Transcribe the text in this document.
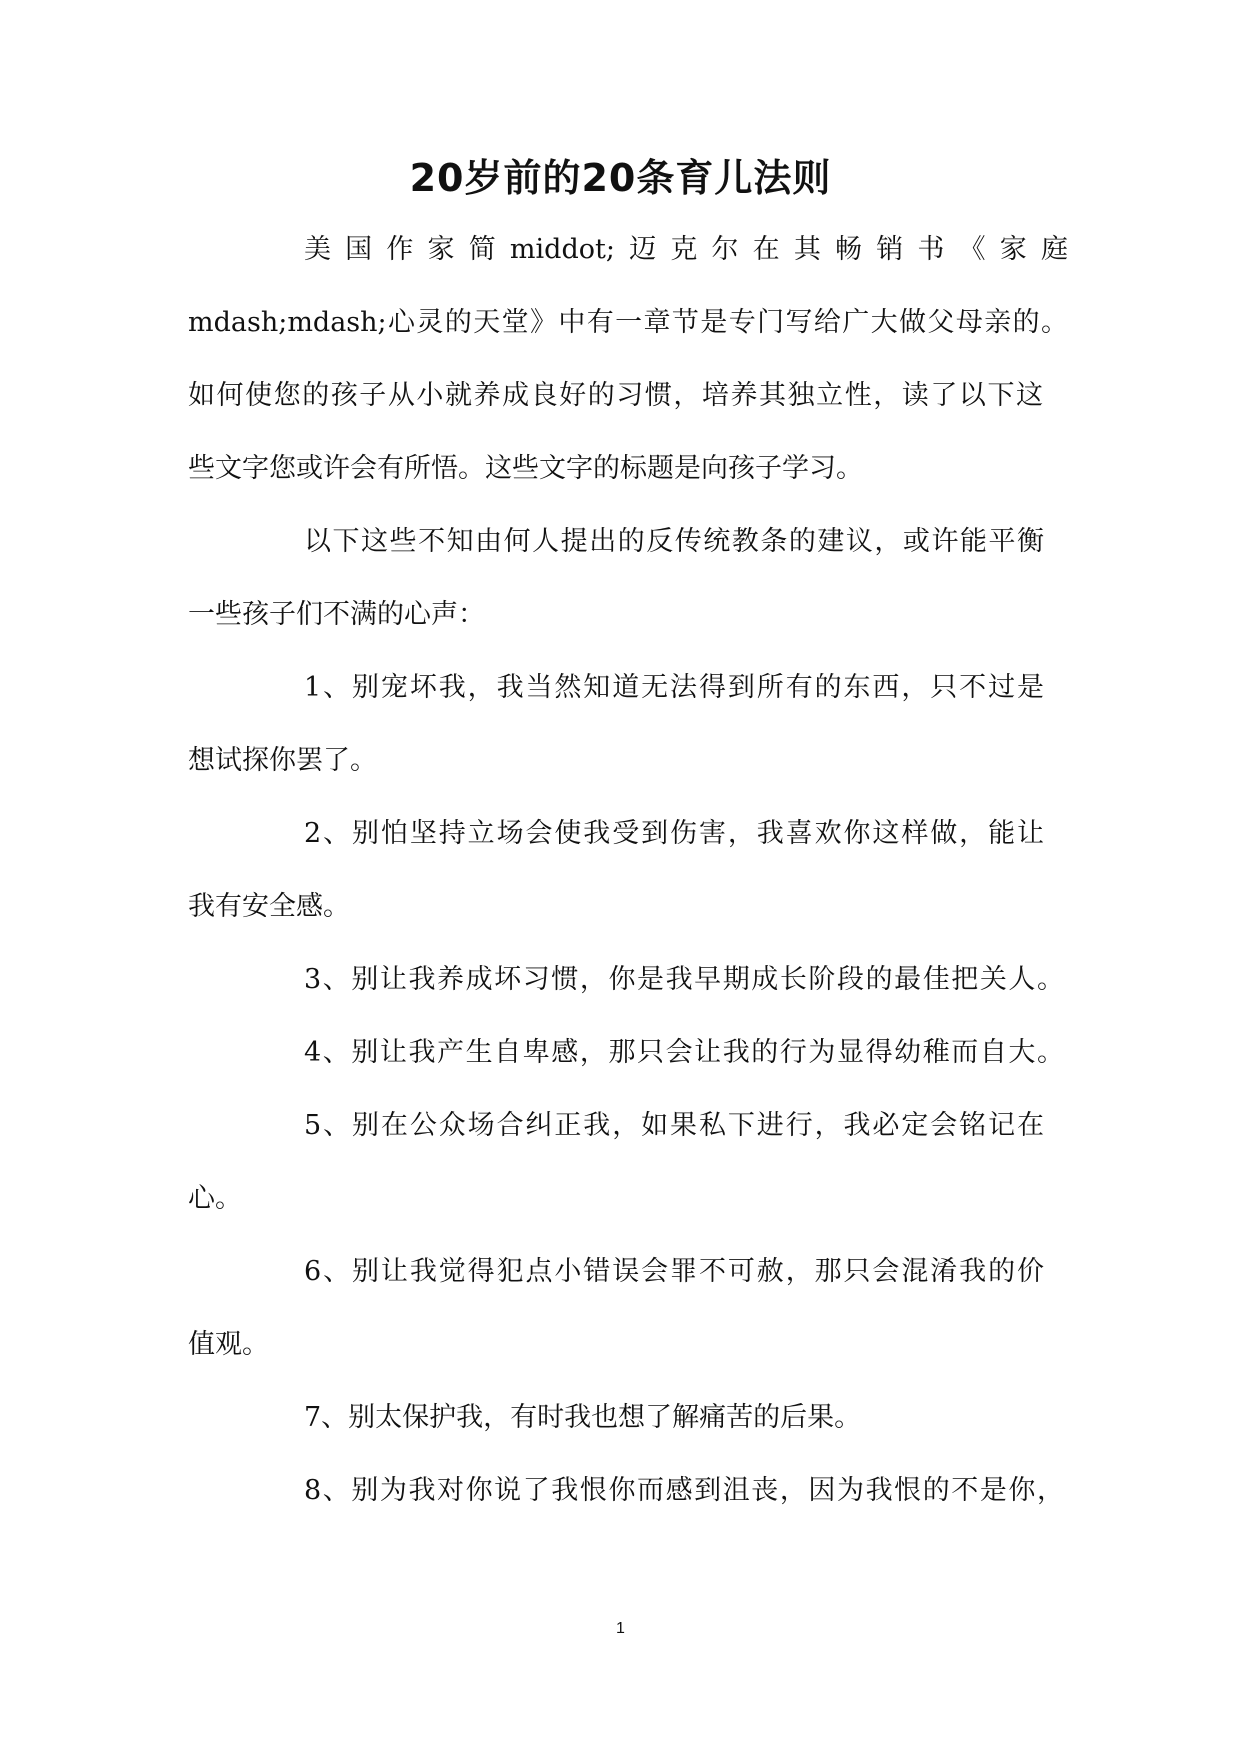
20岁前的20条育儿法则
美国作家简middot;迈克尔在其畅销书《家庭
mdash;mdash;心灵的天堂》中有一章节是专门写给广大做父母亲的。
如何使您的孩子从小就养成良好的习惯，培养其独立性，读了以下这
些文字您或许会有所悟。这些文字的标题是向孩子学习。
以下这些不知由何人提出的反传统教条的建议，或许能平衡
一些孩子们不满的心声：
1、别宠坏我，我当然知道无法得到所有的东西，只不过是
想试探你罢了。
2、别怕坚持立场会使我受到伤害，我喜欢你这样做，能让
我有安全感。
3、别让我养成坏习惯，你是我早期成长阶段的最佳把关人。
4、别让我产生自卑感，那只会让我的行为显得幼稚而自大。
5、别在公众场合纠正我，如果私下进行，我必定会铭记在
心。
6、别让我觉得犯点小错误会罪不可赦，那只会混淆我的价
值观。
7、别太保护我，有时我也想了解痛苦的后果。
8、别为我对你说了我恨你而感到沮丧，因为我恨的不是你，
1
